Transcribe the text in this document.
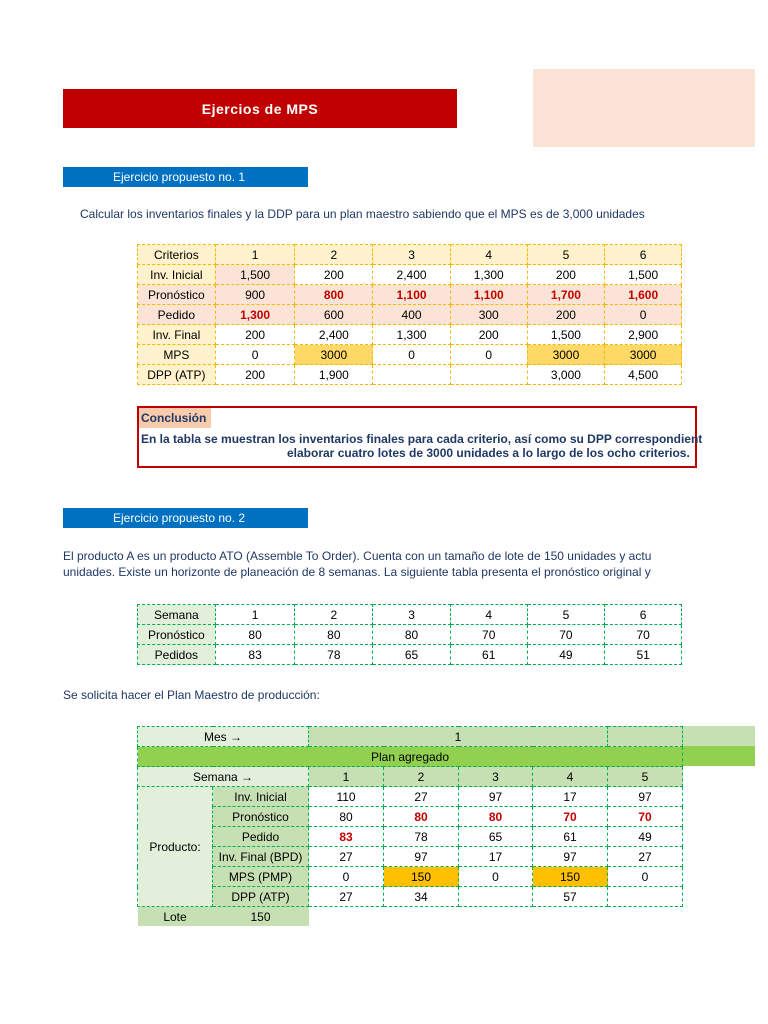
Ejercios de MPS
Ejercicio propuesto no. 1
Calcular los inventarios finales y la DDP para un plan maestro sabiendo que el MPS es de 3,000 unidades
Criterios	1	2	3	4	5	6
Inv. Inicial	1,500	200	2,400	1,300	200	1,500
Pronóstico	900	800	1,100	1,100	1,700	1,600
Pedido	1,300	600	400	300	200	0
Inv. Final	200	2,400	1,300	200	1,500	2,900
MPS	0	3000	0	0	3000	3000
DPP (ATP)	200	1,900			3,000	4,500
Conclusión
En la tabla se muestran los inventarios finales para cada criterio, así como su DPP correspondient
elaborar cuatro lotes de 3000 unidades a lo largo de los ocho criterios.
Ejercicio propuesto no. 2
El producto A es un producto ATO (Assemble To Order). Cuenta con un tamaño de lote de 150 unidades y actu
unidades. Existe un horizonte de planeación de 8 semanas. La siguiente tabla presenta el pronóstico original y
Semana	1	2	3	4	5	6
Pronóstico	80	80	80	70	70	70
Pedidos	83	78	65	61	49	51
Se solicita hacer el Plan Maestro de producción:
Mes →		1				
Plan agregado						
Semana →		1	2	3	4	5
Producto:	Inv. Inicial	110	27	97	17	97
	Pronóstico	80	80	80	70	70
	Pedido	83	78	65	61	49
	Inv. Final (BPD)	27	97	17	97	27
	MPS (PMP)	0	150	0	150	0
	DPP (ATP)	27	34		57	
Lote	150					
